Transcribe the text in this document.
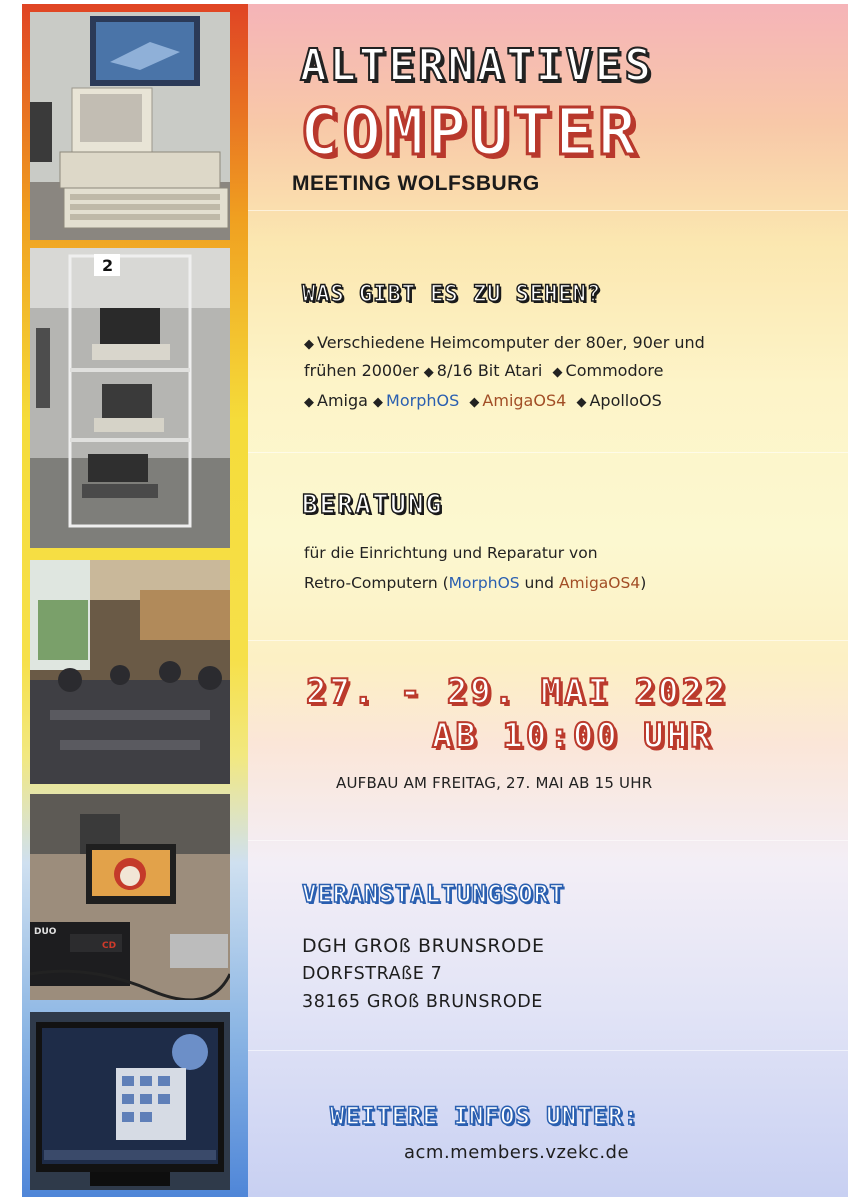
2
DUO
CD
ALTERNATIVES
COMPUTER
MEETING WOLFSBURG
WAS GIBT ES ZU SEHEN?
◆ Verschiedene Heimcomputer der 80er, 90er und
frühen 2000er ◆ 8/16 Bit Atari ◆ Commodore
◆ Amiga ◆ MorphOS ◆ AmigaOS4 ◆ ApolloOS
BERATUNG
für die Einrichtung und Reparatur von
Retro-Computern (MorphOS und AmigaOS4)
27. - 29. MAI 2022
AB 10:00 UHR
AUFBAU AM FREITAG, 27. MAI AB 15 UHR
VERANSTALTUNGSORT
DGH GROß BRUNSRODE
DORFSTRAßE 7
38165 GROß BRUNSRODE
WEITERE INFOS UNTER:
acm.members.vzekc.de
